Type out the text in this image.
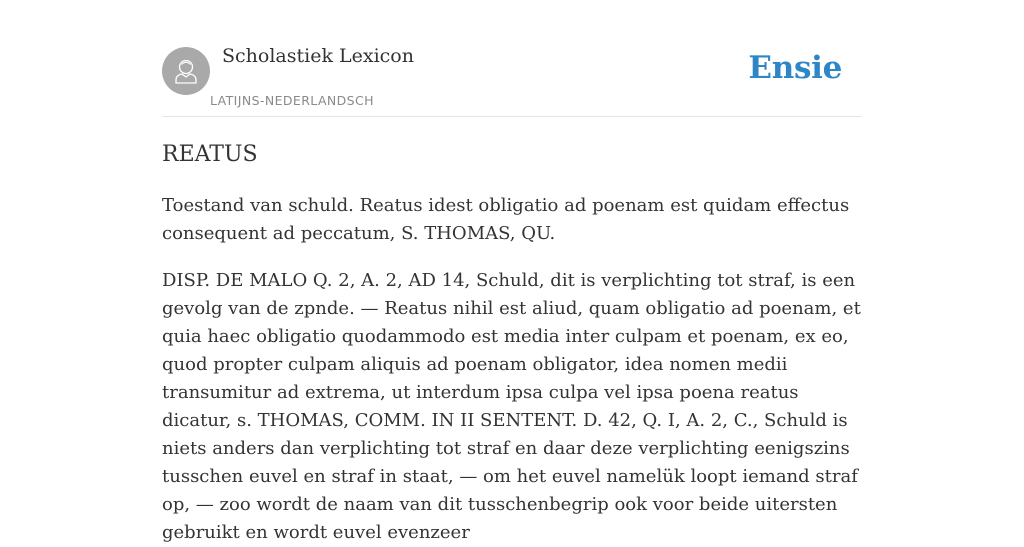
Scholastiek Lexicon
LATIJNS-NEDERLANDSCH
Ensie
REATUS

Toestand van schuld. Reatus idest obligatio ad poenam est quidam effectus consequent ad peccatum, S. THOMAS, QU.

DISP. DE MALO Q. 2, A. 2, AD 14, Schuld, dit is verplichting tot straf, is een gevolg van de zpnde. — Reatus nihil est aliud, quam obligatio ad poenam, et quia haec obligatio quodammodo est media inter culpam et poenam, ex eo, quod propter culpam aliquis ad poenam obligator, idea nomen medii transumitur ad extrema, ut interdum ipsa culpa vel ipsa poena reatus dicatur, s. THOMAS, COMM. IN II SENTENT. D. 42, Q. I, A. 2, C., Schuld is niets anders dan verplichting tot straf en daar deze verplichting eenigszins tusschen euvel en straf in staat, — om het euvel namelük loopt iemand straf op, — zoo wordt de naam van dit tusschenbegrip ook voor beide uitersten gebruikt en wordt euvel evenzeer
